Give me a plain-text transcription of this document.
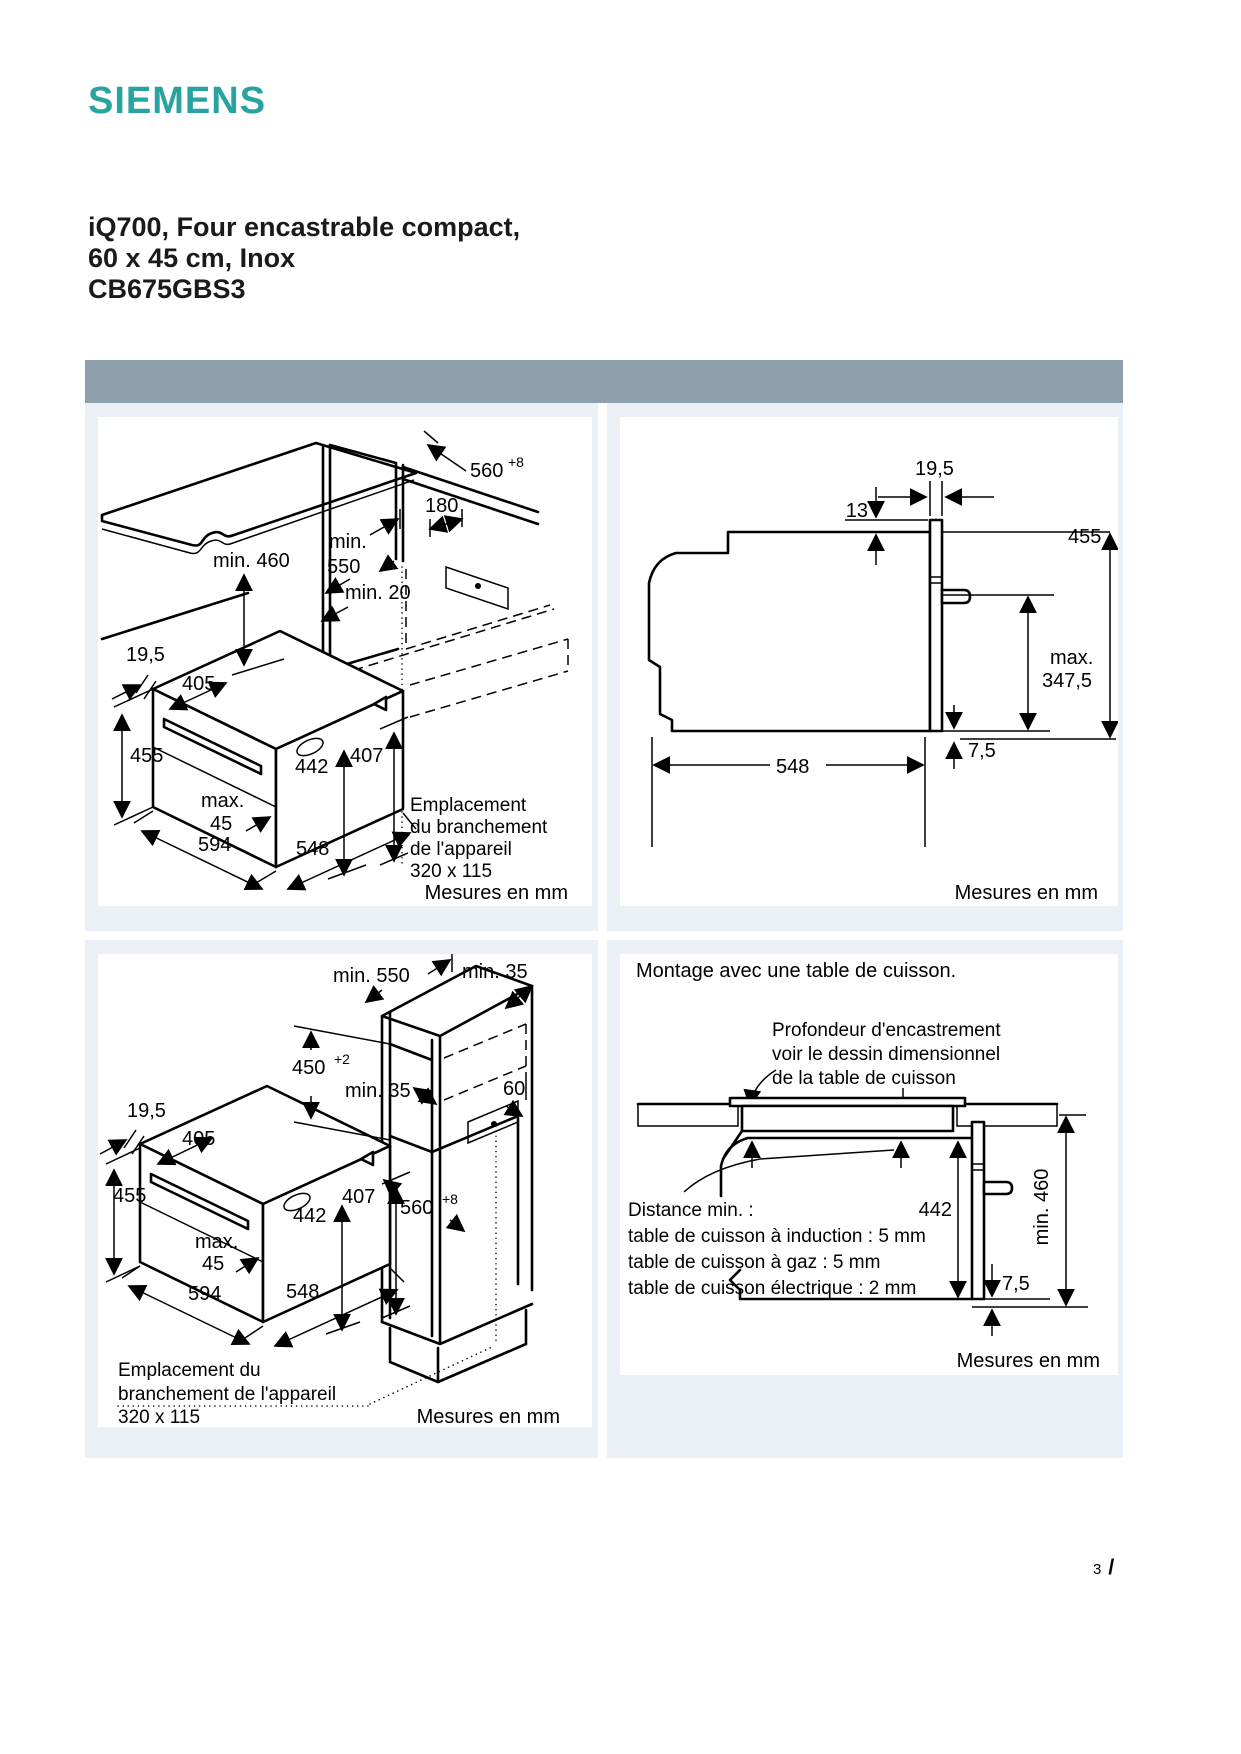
SIEMENS
iQ700, Four encastrable compact,
60 x 45 cm, Inox
CB675GBS3
560 +8
180
min.
550
min. 460
min. 20
19,5
405
455	442 407
max.
45
594	548
Emplacement
du branchement
de l'appareil
320 x 115
Mesures en mm
19,5
13
455
max.
347,5
7,5
548
Mesures en mm
min. 550	min. 35
450 +2
min. 35	60
19,5
405
455
442
407 560 +8
max.
45
594	548
Emplacement du
branchement de l'appareil
320 x 115	Mesures en mm
Montage avec une table de cuisson.
Profondeur d'encastrement
voir le dessin dimensionnel
de la table de cuisson
Distance min. :
table de cuisson à induction : 5 mm
table de cuisson à gaz : 5 mm
table de cuisson électrique : 2 mm
442	min. 460
7,5
Mesures en mm
3 /
